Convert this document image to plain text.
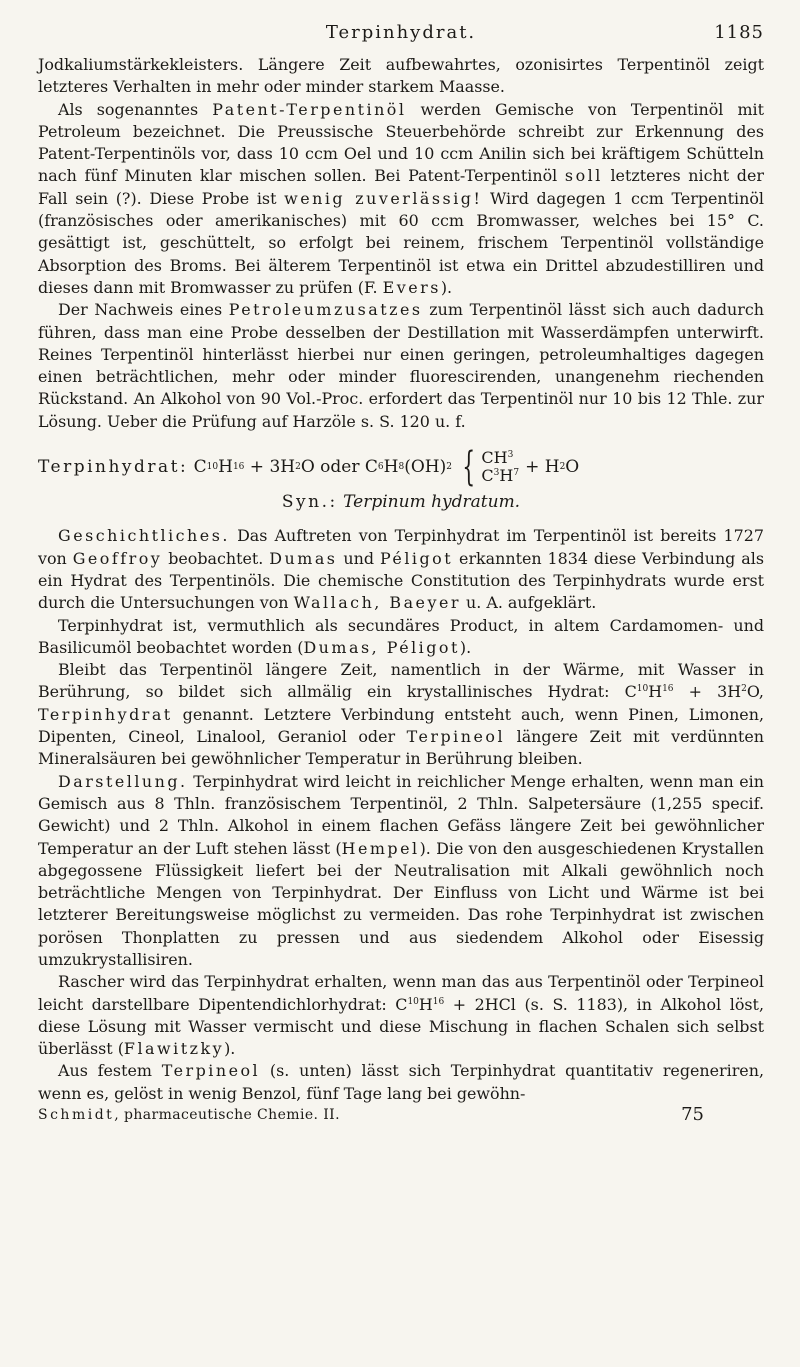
Terpinhydrat.	1185

Jodkaliumstärkekleisters. Längere Zeit aufbewahrtes, ozonisirtes Terpentinöl zeigt letzteres Verhalten in mehr oder minder starkem Maasse.

Als sogenanntes Patent-Terpentinöl werden Gemische von Terpentinöl mit Petroleum bezeichnet. Die Preussische Steuerbehörde schreibt zur Erkennung des Patent-Terpentinöls vor, dass 10 ccm Oel und 10 ccm Anilin sich bei kräftigem Schütteln nach fünf Minuten klar mischen sollen. Bei Patent-Terpentinöl soll letzteres nicht der Fall sein (?). Diese Probe ist wenig zuverlässig! Wird dagegen 1 ccm Terpentinöl (französisches oder amerikanisches) mit 60 ccm Bromwasser, welches bei 15° C. gesättigt ist, geschüttelt, so erfolgt bei reinem, frischem Terpentinöl vollständige Absorption des Broms. Bei älterem Terpentinöl ist etwa ein Drittel abzudestilliren und dieses dann mit Bromwasser zu prüfen (F. Evers).

Der Nachweis eines Petroleumzusatzes zum Terpentinöl lässt sich auch dadurch führen, dass man eine Probe desselben der Destillation mit Wasserdämpfen unterwirft. Reines Terpentinöl hinterlässt hierbei nur einen geringen, petroleumhaltiges dagegen einen beträchtlichen, mehr oder minder fluorescirenden, unangenehm riechenden Rückstand. An Alkohol von 90 Vol.-Proc. erfordert das Terpentinöl nur 10 bis 12 Thle. zur Lösung. Ueber die Prüfung auf Harzöle s. S. 120 u. f.

Terpinhydrat:
C 10 H 16
+ 3H 2 O oder C 6 H 8 (OH) 2 { $CH^3$
$C^3H^7 + H$ 2 O
Syn.: Terpinum hydratum.

Geschichtliches. Das Auftreten von Terpinhydrat im Terpentinöl ist bereits 1727 von Geoffroy beobachtet. Dumas und Péligot erkannten 1834 diese Verbindung als ein Hydrat des Terpentinöls. Die chemische Constitution des Terpinhydrats wurde erst durch die Untersuchungen von Wallach, Baeyer u. A. aufgeklärt.

Terpinhydrat ist, vermuthlich als secundäres Product, in altem Cardamomen- und Basilicumöl beobachtet worden (Dumas, Péligot).

Bleibt das Terpentinöl längere Zeit, namentlich in der Wärme, mit Wasser in Berührung, so bildet sich allmälig ein krystallinisches Hydrat: $C^{10}H^{16} + 3H^2O$, Terpinhydrat genannt. Letztere Verbindung entsteht auch, wenn Pinen, Limonen, Dipenten, Cineol, Linalool, Geraniol oder Terpineol längere Zeit mit verdünnten Mineralsäuren bei gewöhnlicher Temperatur in Berührung bleiben.

Darstellung. Terpinhydrat wird leicht in reichlicher Menge erhalten, wenn man ein Gemisch aus 8 Thln. französischem Terpentinöl, 2 Thln. Salpetersäure (1,255 specif. Gewicht) und 2 Thln. Alkohol in einem flachen Gefäss längere Zeit bei gewöhnlicher Temperatur an der Luft stehen lässt (Hempel). Die von den ausgeschiedenen Krystallen abgegossene Flüssigkeit liefert bei der Neutralisation mit Alkali gewöhnlich noch beträchtliche Mengen von Terpinhydrat. Der Einfluss von Licht und Wärme ist bei letzterer Bereitungsweise möglichst zu vermeiden. Das rohe Terpinhydrat ist zwischen porösen Thonplatten zu pressen und aus siedendem Alkohol oder Eisessig umzukrystallisiren.

Rascher wird das Terpinhydrat erhalten, wenn man das aus Terpentinöl oder Terpineol leicht darstellbare Dipentendichlorhydrat: $C^{10}H^{16} + 2HCl$ (s. S. 1183), in Alkohol löst, diese Lösung mit Wasser vermischt und diese Mischung in flachen Schalen sich selbst überlässt (Flawitzky).

Aus festem Terpineol (s. unten) lässt sich Terpinhydrat quantitativ regeneriren, wenn es, gelöst in wenig Benzol, fünf Tage lang bei gewöhn-

Schmidt, pharmaceutische Chemie. II.	75
